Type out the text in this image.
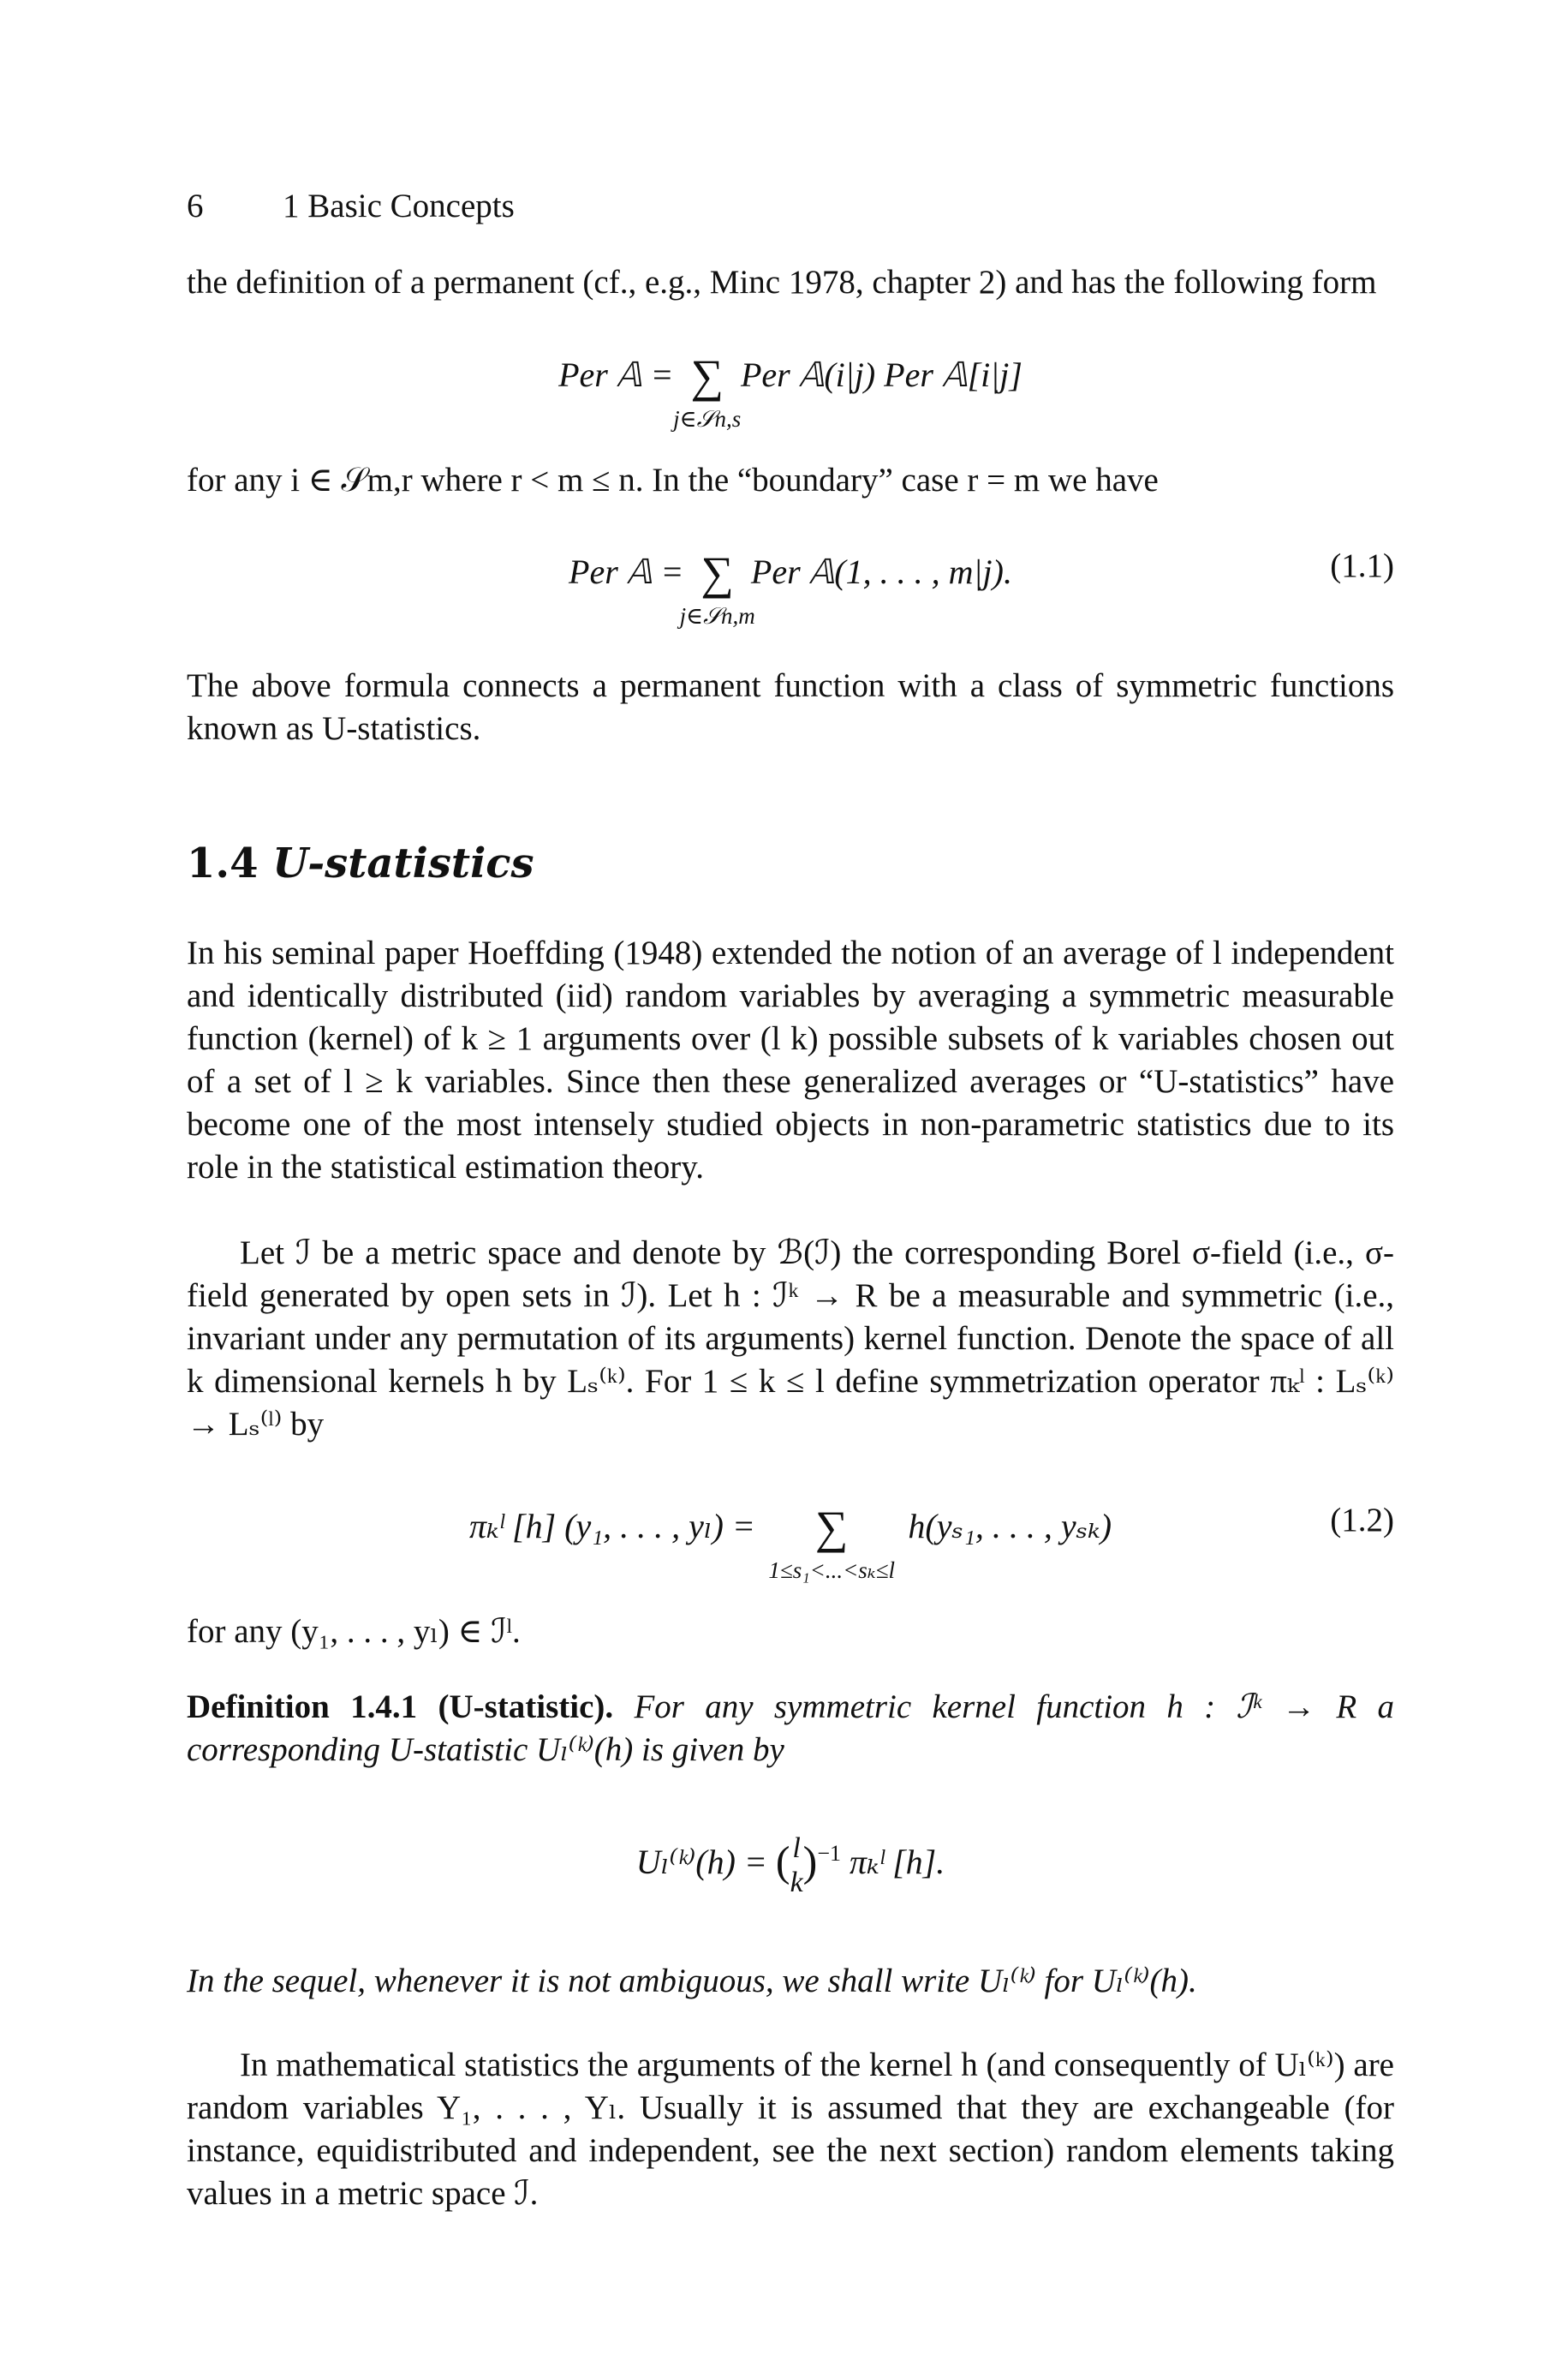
6 1 Basic Concepts

the definition of a permanent (cf., e.g., Minc 1978, chapter 2) and has the following form

Per 𝔸 = ∑
j∈𝒮n,s
Per 𝔸(i|j) Per 𝔸[i|j]

for any i ∈ 𝒮m,r where r < m ≤ n. In the “boundary” case r = m we have

Per 𝔸 = ∑
j∈𝒮n,m
Per 𝔸(1, . . . , m|j).	(1.1)

The above formula connects a permanent function with a class of symmetric functions known as U-statistics.

1.4 U-statistics

In his seminal paper Hoeffding (1948) extended the notion of an average of l independent and identically distributed (iid) random variables by averaging a symmetric measurable function (kernel) of k ≥ 1 arguments over (l k) possible subsets of k variables chosen out of a set of l ≥ k variables. Since then these generalized averages or “U-statistics” have become one of the most intensely studied objects in non-parametric statistics due to its role in the statistical estimation theory.

Let ℐ be a metric space and denote by ℬ(ℐ) the corresponding Borel σ-field (i.e., σ-field generated by open sets in ℐ). Let h : ℐᵏ → R be a measurable and symmetric (i.e., invariant under any permutation of its arguments) kernel function. Denote the space of all k dimensional kernels h by Lₛ⁽ᵏ⁾. For 1 ≤ k ≤ l define symmetrization operator πₖˡ : Lₛ⁽ᵏ⁾ → Lₛ⁽ˡ⁾ by

πₖˡ [h] (y₁, . . . , yₗ) = ∑
1≤s₁<...<sₖ≤l
h(yₛ₁, . . . , yₛₖ)	(1.2)

for any (y₁, . . . , yₗ) ∈ ℐˡ.

Definition 1.4.1 (U-statistic). For any symmetric kernel function h : ℐᵏ → R a corresponding U-statistic Uₗ⁽ᵏ⁾(h) is given by

Uₗ⁽ᵏ⁾(h) = (l
k)$^{-1}$ πₖˡ [h].

In the sequel, whenever it is not ambiguous, we shall write Uₗ⁽ᵏ⁾ for Uₗ⁽ᵏ⁾(h).

In mathematical statistics the arguments of the kernel h (and consequently of Uₗ⁽ᵏ⁾) are random variables Y₁, . . . , Yₗ. Usually it is assumed that they are exchangeable (for instance, equidistributed and independent, see the next section) random elements taking values in a metric space ℐ.
